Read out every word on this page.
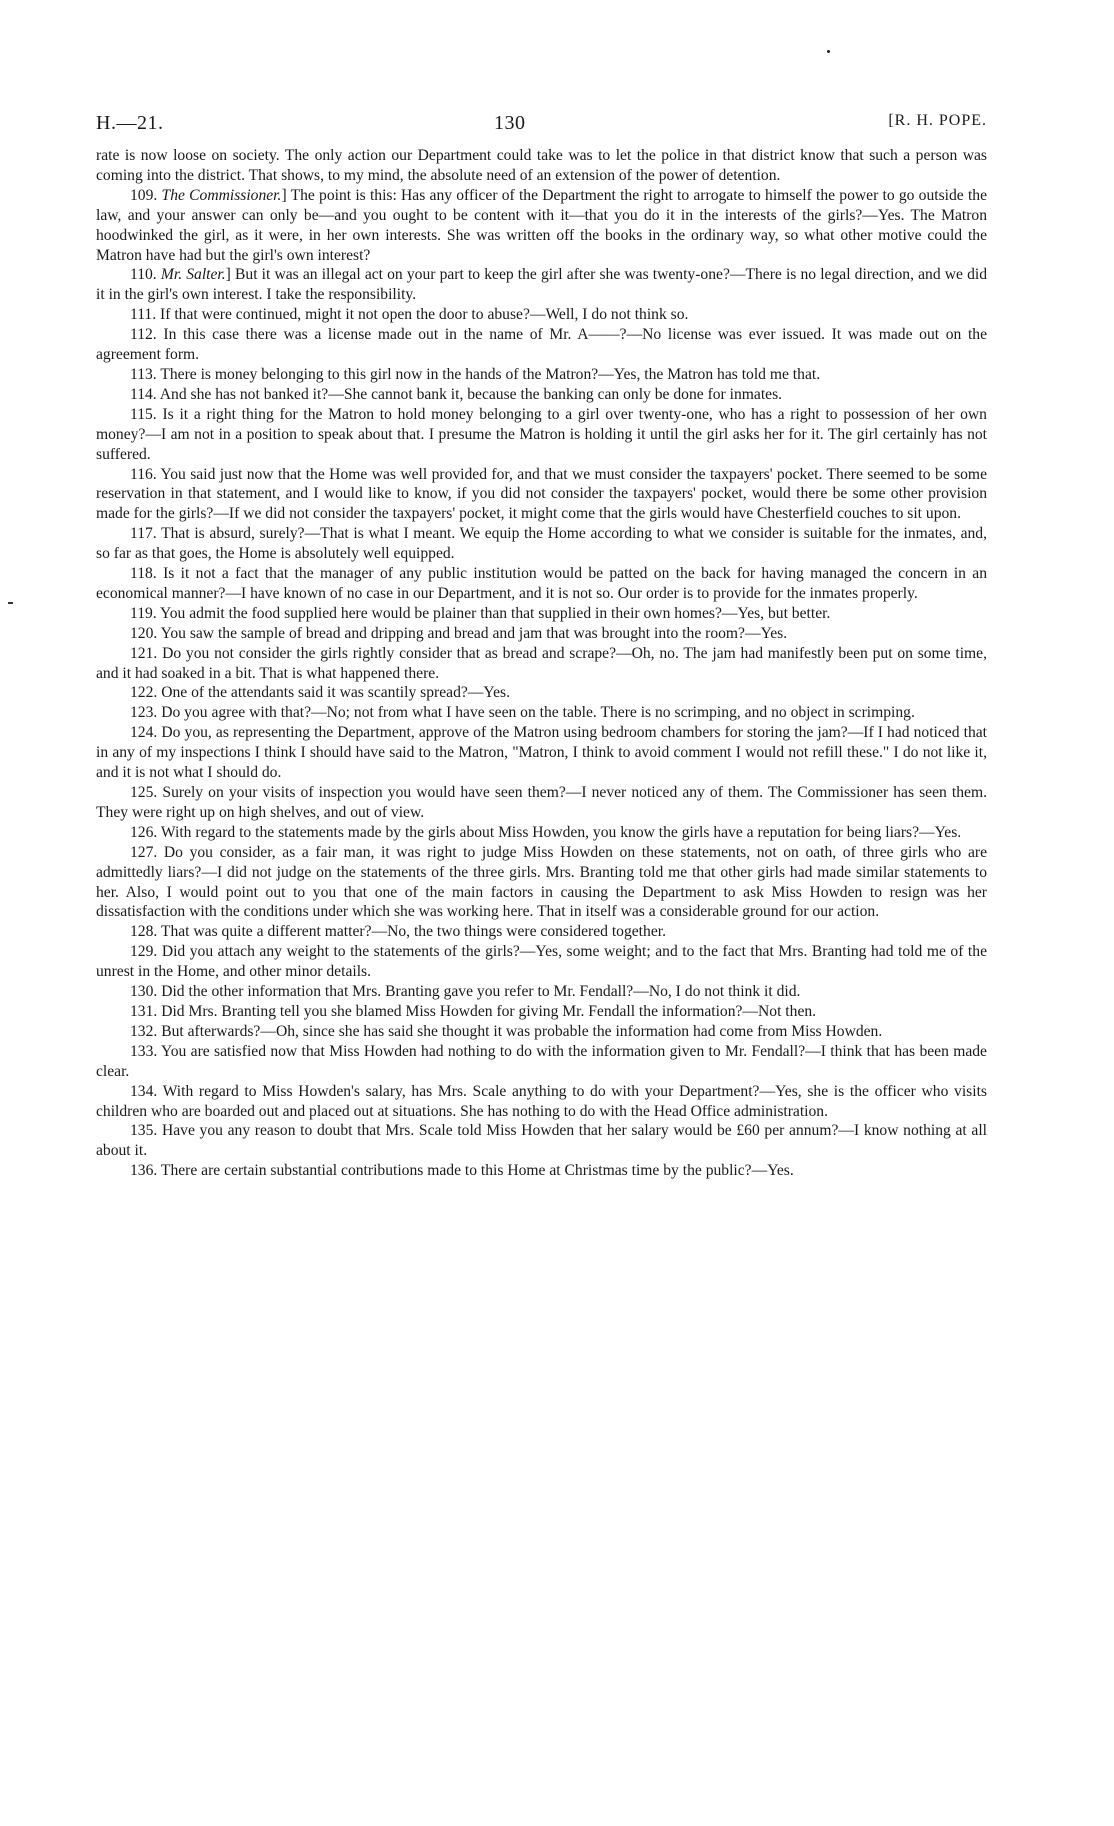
H.—21.	130	[R. H. POPE.

rate is now loose on society. The only action our Department could take was to let the police in that district know that such a person was coming into the district. That shows, to my mind, the absolute need of an extension of the power of detention.

109. The Commissioner.] The point is this: Has any officer of the Department the right to arrogate to himself the power to go outside the law, and your answer can only be—and you ought to be content with it—that you do it in the interests of the girls?—Yes. The Matron hoodwinked the girl, as it were, in her own interests. She was written off the books in the ordinary way, so what other motive could the Matron have had but the girl's own interest?

110. Mr. Salter.] But it was an illegal act on your part to keep the girl after she was twenty-one?—There is no legal direction, and we did it in the girl's own interest. I take the responsibility.

111. If that were continued, might it not open the door to abuse?—Well, I do not think so.

112. In this case there was a license made out in the name of Mr. A——?—No license was ever issued. It was made out on the agreement form.

113. There is money belonging to this girl now in the hands of the Matron?—Yes, the Matron has told me that.

114. And she has not banked it?—She cannot bank it, because the banking can only be done for inmates.

115. Is it a right thing for the Matron to hold money belonging to a girl over twenty-one, who has a right to possession of her own money?—I am not in a position to speak about that. I presume the Matron is holding it until the girl asks her for it. The girl certainly has not suffered.

116. You said just now that the Home was well provided for, and that we must consider the taxpayers' pocket. There seemed to be some reservation in that statement, and I would like to know, if you did not consider the taxpayers' pocket, would there be some other provision made for the girls?—If we did not consider the taxpayers' pocket, it might come that the girls would have Chesterfield couches to sit upon.

117. That is absurd, surely?—That is what I meant. We equip the Home according to what we consider is suitable for the inmates, and, so far as that goes, the Home is absolutely well equipped.

118. Is it not a fact that the manager of any public institution would be patted on the back for having managed the concern in an economical manner?—I have known of no case in our Department, and it is not so. Our order is to provide for the inmates properly.

119. You admit the food supplied here would be plainer than that supplied in their own homes?—Yes, but better.

120. You saw the sample of bread and dripping and bread and jam that was brought into the room?—Yes.

121. Do you not consider the girls rightly consider that as bread and scrape?—Oh, no. The jam had manifestly been put on some time, and it had soaked in a bit. That is what happened there.

122. One of the attendants said it was scantily spread?—Yes.

123. Do you agree with that?—No; not from what I have seen on the table. There is no scrimping, and no object in scrimping.

124. Do you, as representing the Department, approve of the Matron using bedroom chambers for storing the jam?—If I had noticed that in any of my inspections I think I should have said to the Matron, "Matron, I think to avoid comment I would not refill these." I do not like it, and it is not what I should do.

125. Surely on your visits of inspection you would have seen them?—I never noticed any of them. The Commissioner has seen them. They were right up on high shelves, and out of view.

126. With regard to the statements made by the girls about Miss Howden, you know the girls have a reputation for being liars?—Yes.

127. Do you consider, as a fair man, it was right to judge Miss Howden on these statements, not on oath, of three girls who are admittedly liars?—I did not judge on the statements of the three girls. Mrs. Branting told me that other girls had made similar statements to her. Also, I would point out to you that one of the main factors in causing the Department to ask Miss Howden to resign was her dissatisfaction with the conditions under which she was working here. That in itself was a considerable ground for our action.

128. That was quite a different matter?—No, the two things were considered together.

129. Did you attach any weight to the statements of the girls?—Yes, some weight; and to the fact that Mrs. Branting had told me of the unrest in the Home, and other minor details.

130. Did the other information that Mrs. Branting gave you refer to Mr. Fendall?—No, I do not think it did.

131. Did Mrs. Branting tell you she blamed Miss Howden for giving Mr. Fendall the information?—Not then.

132. But afterwards?—Oh, since she has said she thought it was probable the information had come from Miss Howden.

133. You are satisfied now that Miss Howden had nothing to do with the information given to Mr. Fendall?—I think that has been made clear.

134. With regard to Miss Howden's salary, has Mrs. Scale anything to do with your Department?—Yes, she is the officer who visits children who are boarded out and placed out at situations. She has nothing to do with the Head Office administration.

135. Have you any reason to doubt that Mrs. Scale told Miss Howden that her salary would be £60 per annum?—I know nothing at all about it.

136. There are certain substantial contributions made to this Home at Christmas time by the public?—Yes.
